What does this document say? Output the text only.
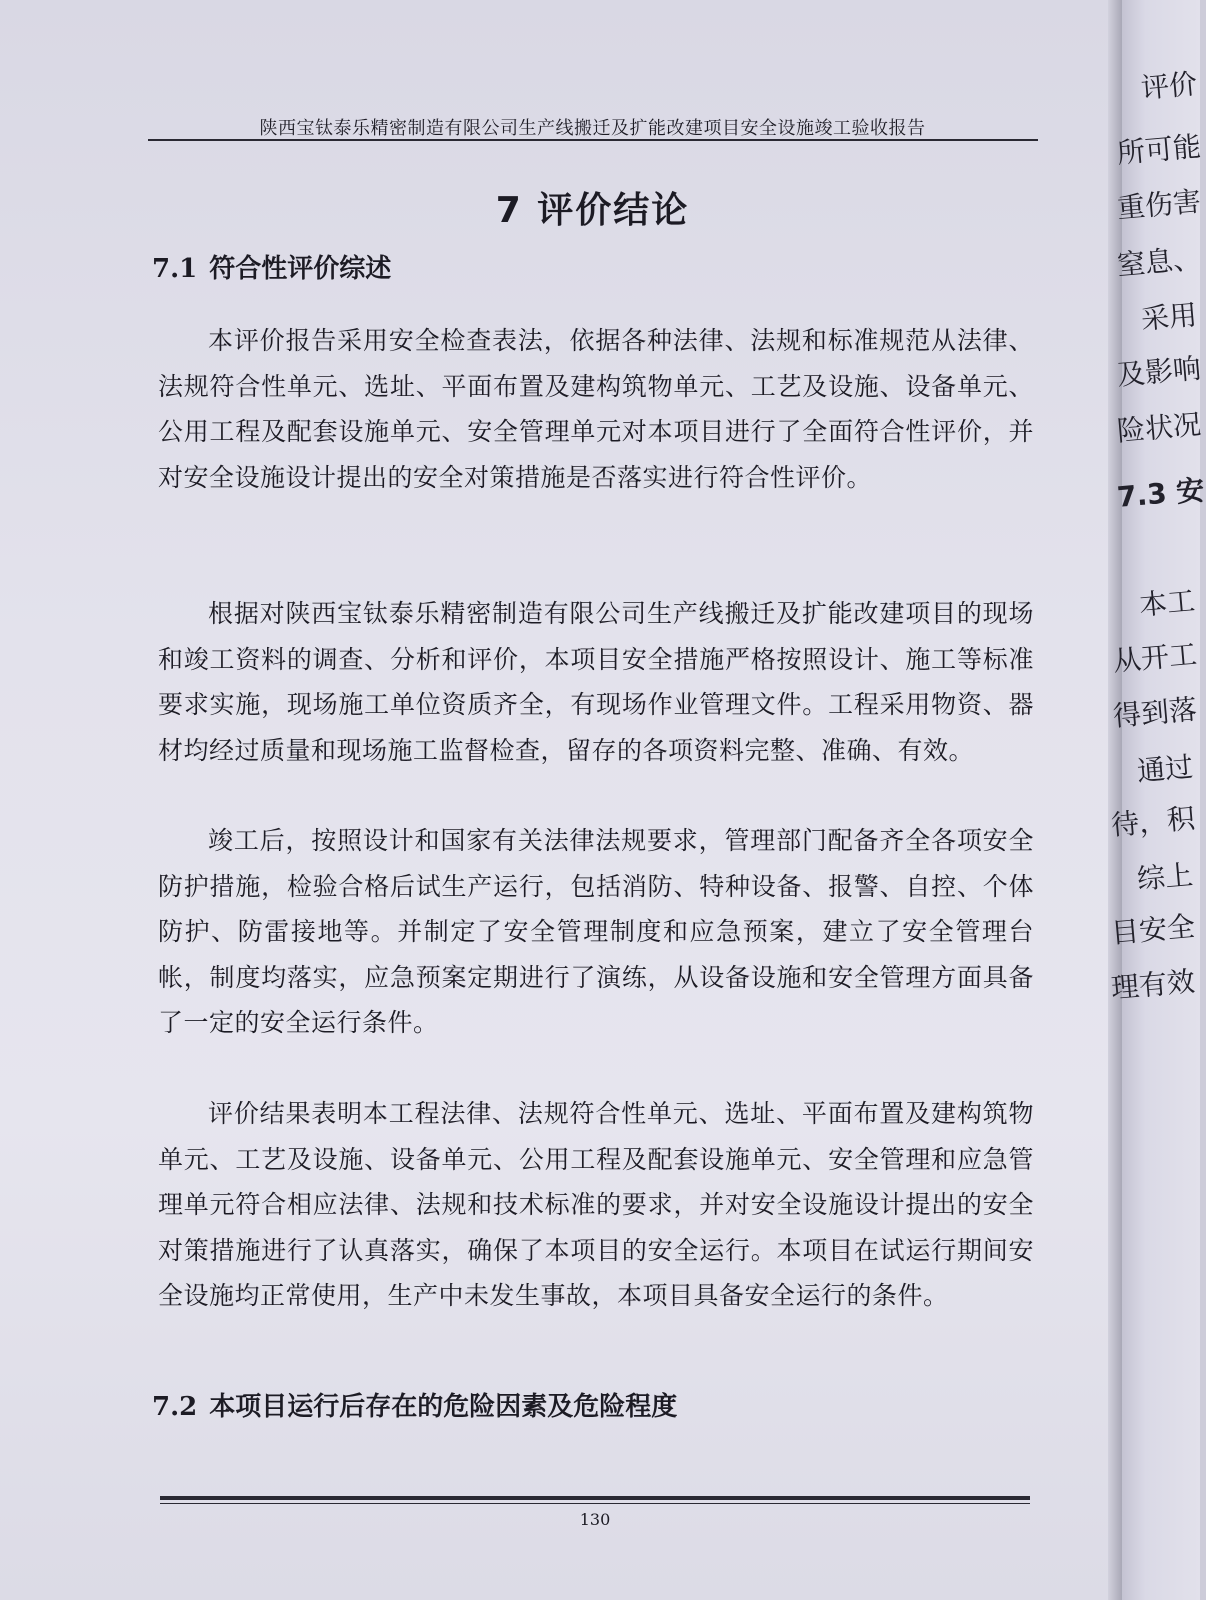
陕西宝钛泰乐精密制造有限公司生产线搬迁及扩能改建项目安全设施竣工验收报告
7 评价结论
7.1 符合性评价综述

本评价报告采用安全检查表法，依据各种法律、法规和标准规范从法律、法规符合性单元、选址、平面布置及建构筑物单元、工艺及设施、设备单元、公用工程及配套设施单元、安全管理单元对本项目进行了全面符合性评价，并对安全设施设计提出的安全对策措施是否落实进行符合性评价。

根据对陕西宝钛泰乐精密制造有限公司生产线搬迁及扩能改建项目的现场和竣工资料的调查、分析和评价，本项目安全措施严格按照设计、施工等标准要求实施，现场施工单位资质齐全，有现场作业管理文件。工程采用物资、器材均经过质量和现场施工监督检查，留存的各项资料完整、准确、有效。

竣工后，按照设计和国家有关法律法规要求，管理部门配备齐全各项安全防护措施，检验合格后试生产运行，包括消防、特种设备、报警、自控、个体防护、防雷接地等。并制定了安全管理制度和应急预案，建立了安全管理台帐，制度均落实，应急预案定期进行了演练，从设备设施和安全管理方面具备了一定的安全运行条件。

评价结果表明本工程法律、法规符合性单元、选址、平面布置及建构筑物单元、工艺及设施、设备单元、公用工程及配套设施单元、安全管理和应急管理单元符合相应法律、法规和技术标准的要求，并对安全设施设计提出的安全对策措施进行了认真落实，确保了本项目的安全运行。本项目在试运行期间安全设施均正常使用，生产中未发生事故，本项目具备安全运行的条件。

7.2 本项目运行后存在的危险因素及危险程度
130
评价
所可能
重伤害
窒息、
采用
及影响
险状况
7.3 安
本工
从开工
得到落
通过
待，积
综上
目安全
理有效
